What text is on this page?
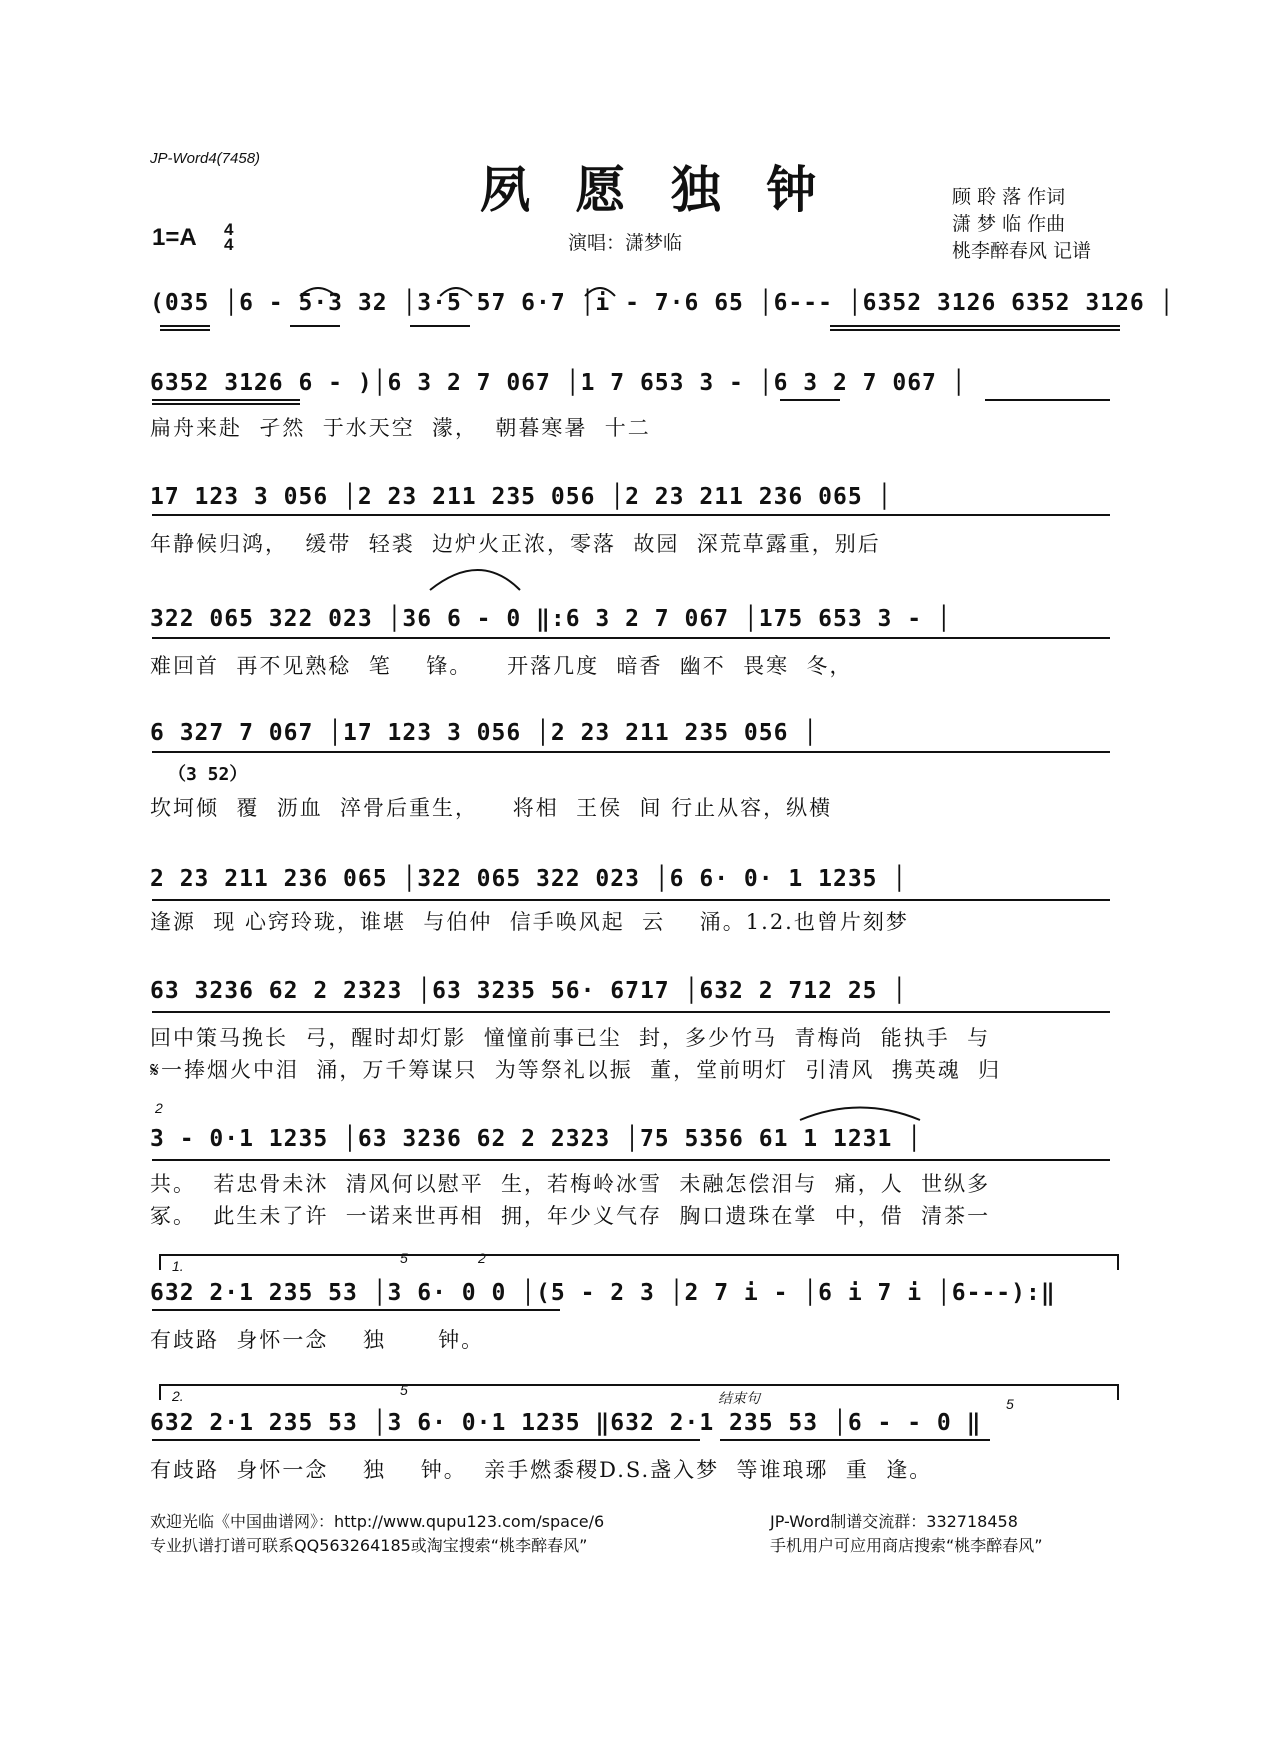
JP-Word4(7458)
夙 愿 独 钟
1=A 4
4	演唱：潇梦临
顾 聆 落 作词
潇 梦 临 作曲
桃李醉春风 记谱
(035 │6 - 5·3 32 │3·5 57 6·7 │i - 7·6 65 │6--- │6352 3126 6352 3126 │
6352 3126 6 - )│6 3 2 7 067 │1 7 653 3 - │6 3 2 7 067 │
扁舟来赴  孑然  于水天空  濛，  朝暮寒暑  十二
17 123 3 056 │2 23 211 235 056 │2 23 211 236 065 │
年静候归鸿，  缓带  轻裘  边炉火正浓，零落  故园  深荒草露重，别后
322 065 322 023 │36 6 - 0 ‖:6 3 2 7 067 │175 653 3 - │
难回首  再不见熟稔  笔    锋。    开落几度  暗香  幽不  畏寒  冬，
6 327 7 067 │17 123 3 056 │2 23 211 235 056 │
（3 52）
坎坷倾  覆  沥血  淬骨后重生，    将相  王侯  间 行止从容，纵横
2 23 211 236 065 │322 065 322 023 │6 6· 0· 1 1235 │
逢源  现 心窍玲珑，谁堪  与伯仲  信手唤风起  云    涌。1.2.也曾片刻梦
63 3236 62 2 2323 │63 3235 56· 6717 │632 2 712 25 │
回中策马挽长  弓，醒时却灯影  憧憧前事已尘  封，多少竹马  青梅尚  能执手  与
𝄋一捧烟火中泪  涌，万千筹谋只  为等祭礼以振  董，堂前明灯  引清风  携英魂  归
2
3 - 0·1 1235 │63 3236 62 2 2323 │75 5356 61 1 1231 │
共。  若忠骨未沐  清风何以慰平  生，若梅岭冰雪  未融怎偿泪与  痛，人  世纵多
冢。  此生未了许  一诺来世再相  拥，年少义气存  胸口遗珠在掌  中，借  清茶一
1.	5	2
632 2·1 235 53 │3 6· 0 0 │(5 - 2 3 │2 7 i - │6 i 7 i │6---):‖
有歧路  身怀一念    独      钟。
2.	结束句
5
5
632 2·1 235 53 │3 6· 0·1 1235 ‖632 2·1 235 53 │6 - - 0 ‖
有歧路  身怀一念    独    钟。  亲手燃黍稷D.S.盏入梦  等谁琅琊  重  逢。
欢迎光临《中国曲谱网》：http://www.qupu123.com/space/6
专业扒谱打谱可联系QQ563264185或淘宝搜索“桃李醉春风”
JP-Word制谱交流群：332718458
手机用户可应用商店搜索“桃李醉春风”
